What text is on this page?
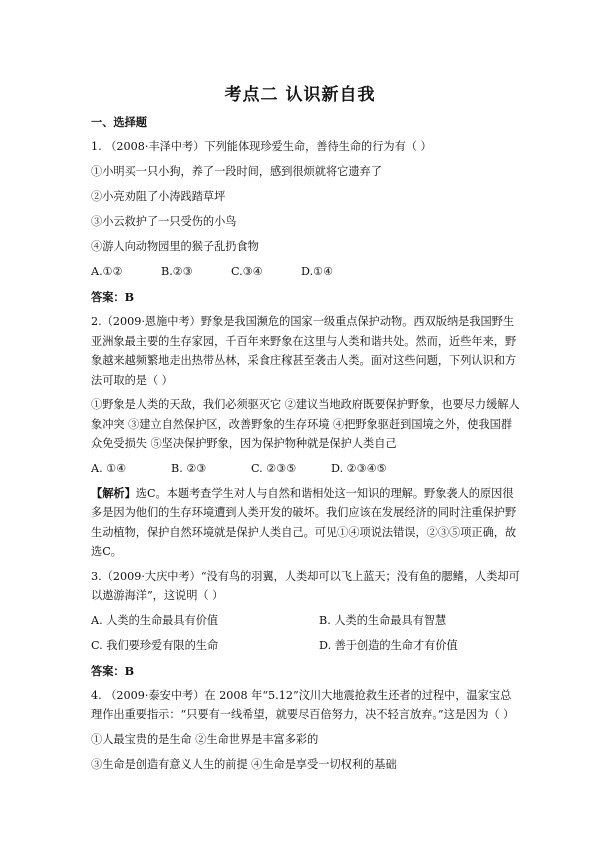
考点二 认识新自我

一、选择题

1. （2008·丰泽中考）下列能体现珍爱生命，善待生命的行为有（ ）

①小明买一只小狗，养了一段时间，感到很烦就将它遗弃了

②小亮劝阻了小涛践踏草坪

③小云救护了一只受伤的小鸟

④游人向动物园里的猴子乱扔食物

A.①②	B.②③	C.③④	D.①④

答案：B

2.（2009·恩施中考）野象是我国濒危的国家一级重点保护动物。西双版纳是我国野生亚洲象最主要的生存家园，千百年来野象在这里与人类和谐共处。然而，近些年来，野象越来越频繁地走出热带丛林，采食庄稼甚至袭击人类。面对这些问题，下列认识和方法可取的是（ ）

①野象是人类的天敌，我们必须驱灭它 ②建议当地政府既要保护野象，也要尽力缓解人象冲突 ③建立自然保护区，改善野象的生存环境 ④把野象驱赶到国境之外，使我国群众免受损失 ⑤坚决保护野象，因为保护物种就是保护人类自己

A. ①④	B. ②③	C. ②③⑤	D. ②③④⑤

【解析】选C。本题考查学生对人与自然和谐相处这一知识的理解。野象袭人的原因很多是因为他们的生存环境遭到人类开发的破坏。我们应该在发展经济的同时注重保护野生动植物，保护自然环境就是保护人类自己。可见①④项说法错误，②③⑤项正确，故选C。

3.（2009·大庆中考）“没有鸟的羽翼，人类却可以飞上蓝天；没有鱼的腮鳍，人类却可以遨游海洋”，这说明（ ）

A. 人类的生命最具有价值	B. 人类的生命最具有智慧
C. 我们要珍爱有限的生命	D. 善于创造的生命才有价值

答案：B

4. （2009·泰安中考）在 2008 年“5.12”汶川大地震抢救生还者的过程中，温家宝总理作出重要指示：“只要有一线希望，就要尽百倍努力，决不轻言放弃。”这是因为（ ）

①人最宝贵的是生命 ②生命世界是丰富多彩的

③生命是创造有意义人生的前提 ④生命是享受一切权利的基础
